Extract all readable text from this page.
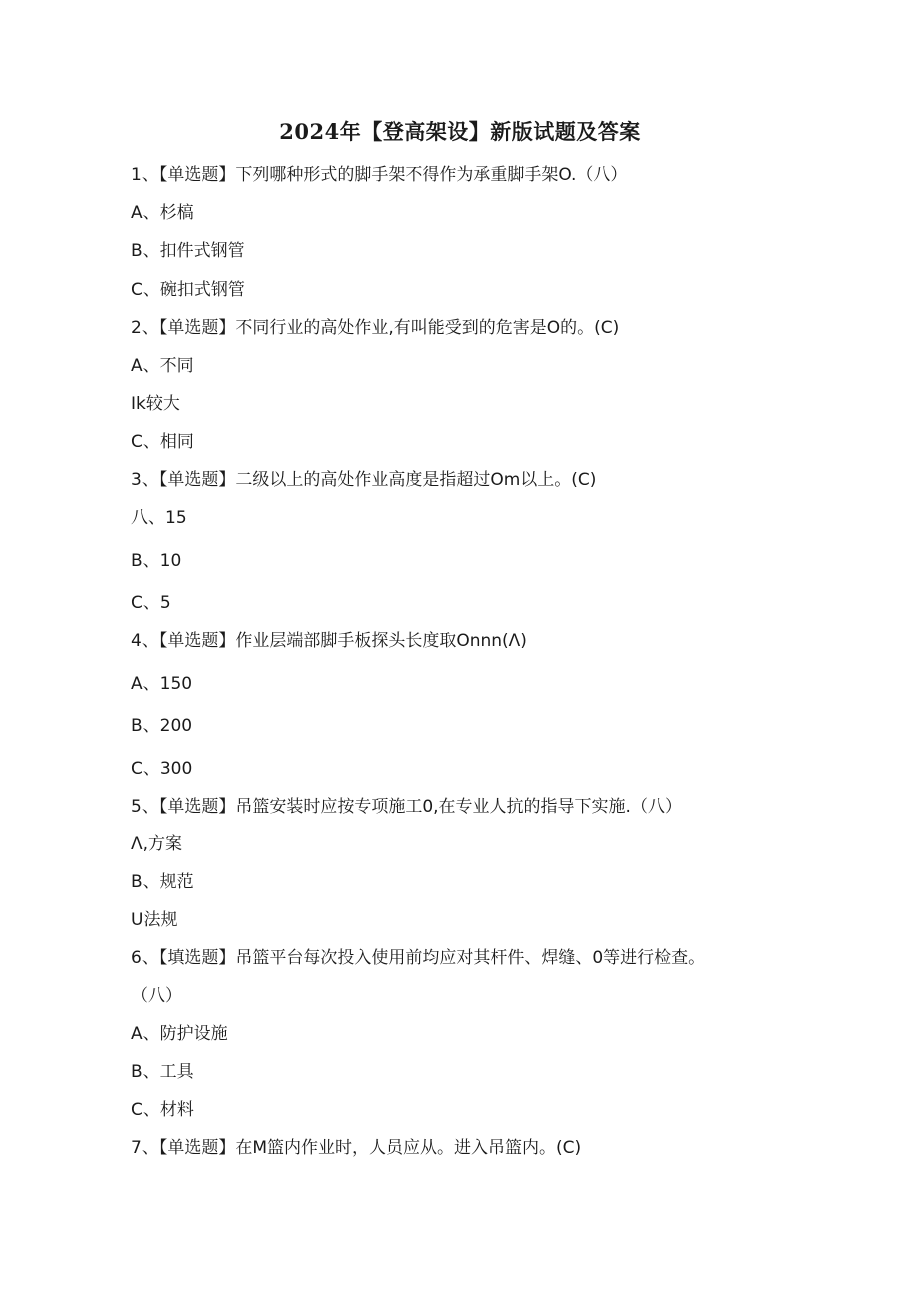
2024年【登高架设】新版试题及答案
1、【单选题】下列哪种形式的脚手架不得作为承重脚手架O.（八）
A、杉槁
B、扣件式钢管
C、碗扣式钢管
2、【单选题】不同行业的高处作业,有叫能受到的危害是O的。(C)
A、不同
Ik较大
C、相同
3、【单选题】二级以上的高处作业高度是指超过Om以上。(C)
八、15
B、10
C、5
4、【单选题】作业层端部脚手板探头长度取Onnn(Λ)
A、150
B、200
C、300
5、【单选题】吊篮安装时应按专项施工0,在专业人抗的指导下实施.（八）
Λ,方案
B、规范
U法规
6、【填选题】吊篮平台每次投入使用前均应对其杆件、焊缝、0等进行检查。
（八）
A、防护设施
B、工具
C、材料
7、【单选题】在M篮内作业时，人员应从。进入吊篮内。(C)
